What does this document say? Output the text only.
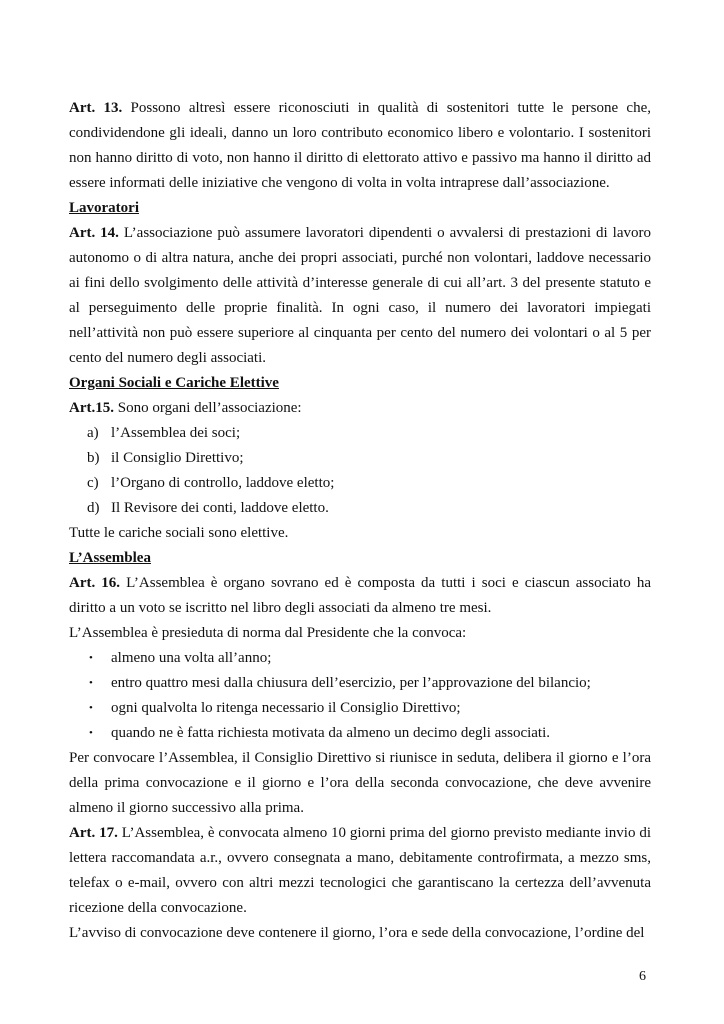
Art. 13. Possono altresì essere riconosciuti in qualità di sostenitori tutte le persone che, condividendone gli ideali, danno un loro contributo economico libero e volontario. I sostenitori non hanno diritto di voto, non hanno il diritto di elettorato attivo e passivo ma hanno il diritto ad essere informati delle iniziative che vengono di volta in volta intraprese dall’associazione.

Lavoratori

Art. 14. L’associazione può assumere lavoratori dipendenti o avvalersi di prestazioni di lavoro autonomo o di altra natura, anche dei propri associati, purché non volontari, laddove necessario ai fini dello svolgimento delle attività d’interesse generale di cui all’art. 3 del presente statuto e al perseguimento delle proprie finalità. In ogni caso, il numero dei lavoratori impiegati nell’attività non può essere superiore al cinquanta per cento del numero dei volontari o al 5 per cento del numero degli associati.

Organi Sociali e Cariche Elettive

Art.15. Sono organi dell’associazione:

a) l’Assemblea dei soci;
b) il Consiglio Direttivo;
c) l’Organo di controllo, laddove eletto;
d) Il Revisore dei conti, laddove eletto.

Tutte le cariche sociali sono elettive.

L’Assemblea

Art. 16. L’Assemblea è organo sovrano ed è composta da tutti i soci e ciascun associato ha diritto a un voto se iscritto nel libro degli associati da almeno tre mesi.

L’Assemblea è presieduta di norma dal Presidente che la convoca:

• almeno una volta all’anno;
• entro quattro mesi dalla chiusura dell’esercizio, per l’approvazione del bilancio;
• ogni qualvolta lo ritenga necessario il Consiglio Direttivo;
• quando ne è fatta richiesta motivata da almeno un decimo degli associati.

Per convocare l’Assemblea, il Consiglio Direttivo si riunisce in seduta, delibera il giorno e l’ora della prima convocazione e il giorno e l’ora della seconda convocazione, che deve avvenire almeno il giorno successivo alla prima.

Art. 17. L’Assemblea, è convocata almeno 10 giorni prima del giorno previsto mediante invio di lettera raccomandata a.r., ovvero consegnata a mano, debitamente controfirmata, a mezzo sms, telefax o e-mail, ovvero con altri mezzi tecnologici che garantiscano la certezza dell’avvenuta ricezione della convocazione.

L’avviso di convocazione deve contenere il giorno, l’ora e sede della convocazione, l’ordine del

6
